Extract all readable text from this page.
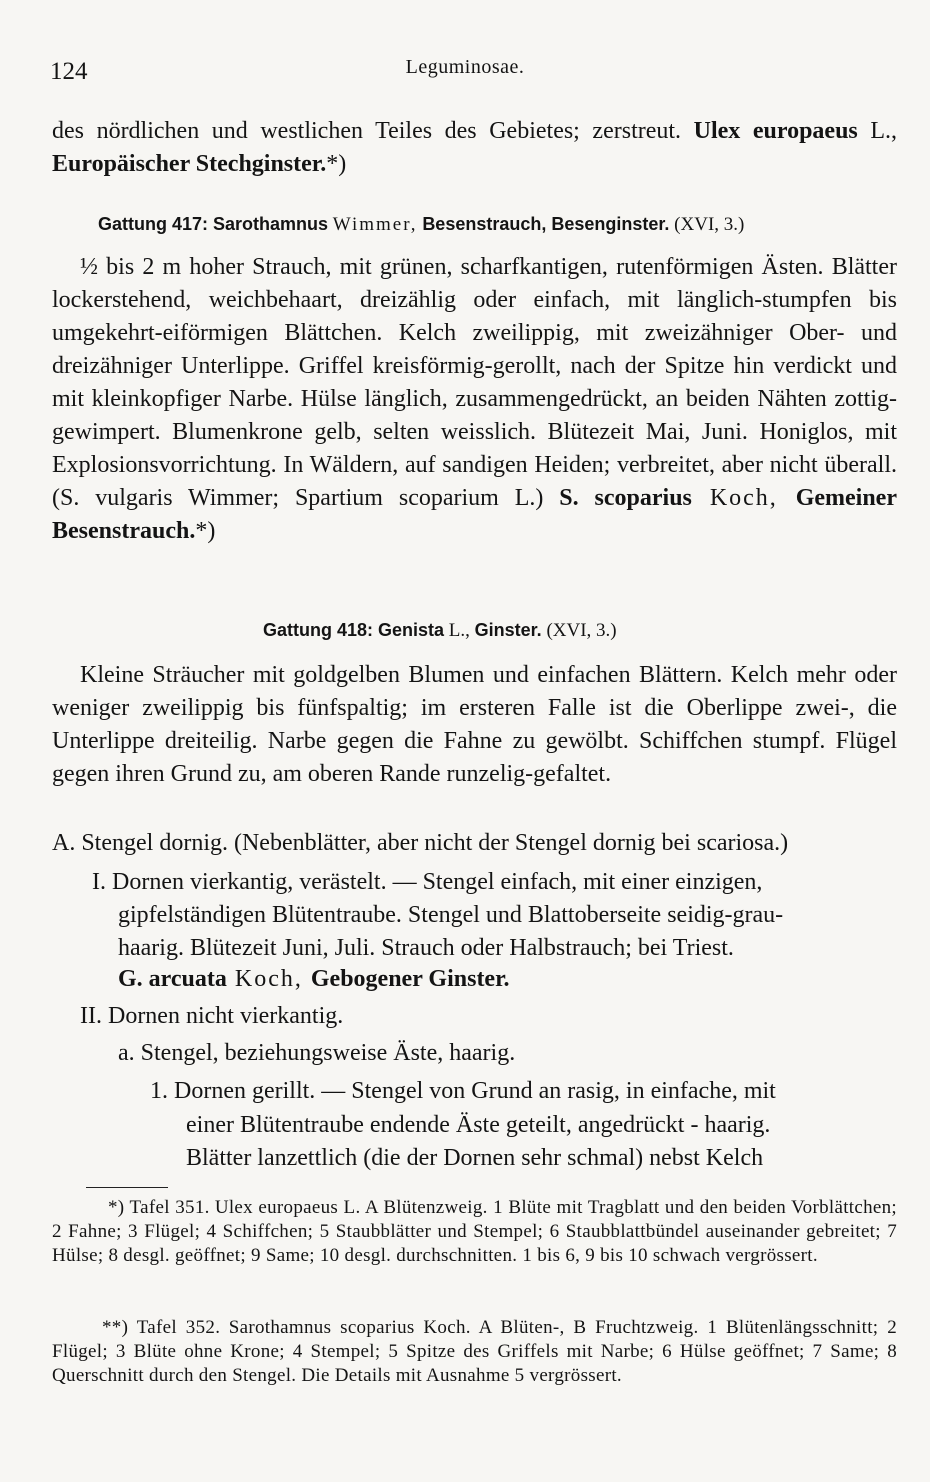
124	Leguminosae.
des nördlichen und westlichen Teiles des Gebietes; zerstreut. Ulex europaeus L., Europäischer Stechginster.*)
Gattung 417: Sarothamnus Wimmer, Besenstrauch, Besenginster. (XVI, 3.)
½ bis 2 m hoher Strauch, mit grünen, scharfkantigen, rutenförmigen Ästen. Blätter lockerstehend, weichbehaart, dreizählig oder einfach, mit länglich-stumpfen bis umgekehrt-eiförmigen Blättchen. Kelch zweilippig, mit zweizähniger Ober- und dreizähniger Unterlippe. Griffel kreisförmig-gerollt, nach der Spitze hin verdickt und mit kleinkopfiger Narbe. Hülse länglich, zusammengedrückt, an beiden Nähten zottig-gewimpert. Blumenkrone gelb, selten weisslich. Blütezeit Mai, Juni. Honiglos, mit Explosionsvorrichtung. In Wäldern, auf sandigen Heiden; verbreitet, aber nicht überall. (S. vulgaris Wimmer; Spartium scoparium L.) S. scoparius Koch, Gemeiner Besenstrauch.*)
Gattung 418: Genista L., Ginster. (XVI, 3.)
Kleine Sträucher mit goldgelben Blumen und einfachen Blättern. Kelch mehr oder weniger zweilippig bis fünfspaltig; im ersteren Falle ist die Oberlippe zwei-, die Unterlippe dreiteilig. Narbe gegen die Fahne zu gewölbt. Schiffchen stumpf. Flügel gegen ihren Grund zu, am oberen Rande runzelig-gefaltet.
A. Stengel dornig. (Nebenblätter, aber nicht der Stengel dornig bei scariosa.)
I. Dornen vierkantig, verästelt. — Stengel einfach, mit einer einzigen,
gipfelständigen Blütentraube. Stengel und Blattoberseite seidig-grau-
haarig. Blütezeit Juni, Juli. Strauch oder Halbstrauch; bei Triest.
G. arcuata Koch, Gebogener Ginster.
II. Dornen nicht vierkantig.
a. Stengel, beziehungsweise Äste, haarig.
1. Dornen gerillt. — Stengel von Grund an rasig, in einfache, mit
einer Blütentraube endende Äste geteilt, angedrückt - haarig.
Blätter lanzettlich (die der Dornen sehr schmal) nebst Kelch
*) Tafel 351. Ulex europaeus L. A Blütenzweig. 1 Blüte mit Tragblatt und den beiden Vorblättchen; 2 Fahne; 3 Flügel; 4 Schiffchen; 5 Staubblätter und Stempel; 6 Staubblattbündel auseinander gebreitet; 7 Hülse; 8 desgl. geöffnet; 9 Same; 10 desgl. durchschnitten. 1 bis 6, 9 bis 10 schwach vergrössert.
**) Tafel 352. Sarothamnus scoparius Koch. A Blüten-, B Fruchtzweig. 1 Blütenlängsschnitt; 2 Flügel; 3 Blüte ohne Krone; 4 Stempel; 5 Spitze des Griffels mit Narbe; 6 Hülse geöffnet; 7 Same; 8 Querschnitt durch den Stengel. Die Details mit Ausnahme 5 vergrössert.
